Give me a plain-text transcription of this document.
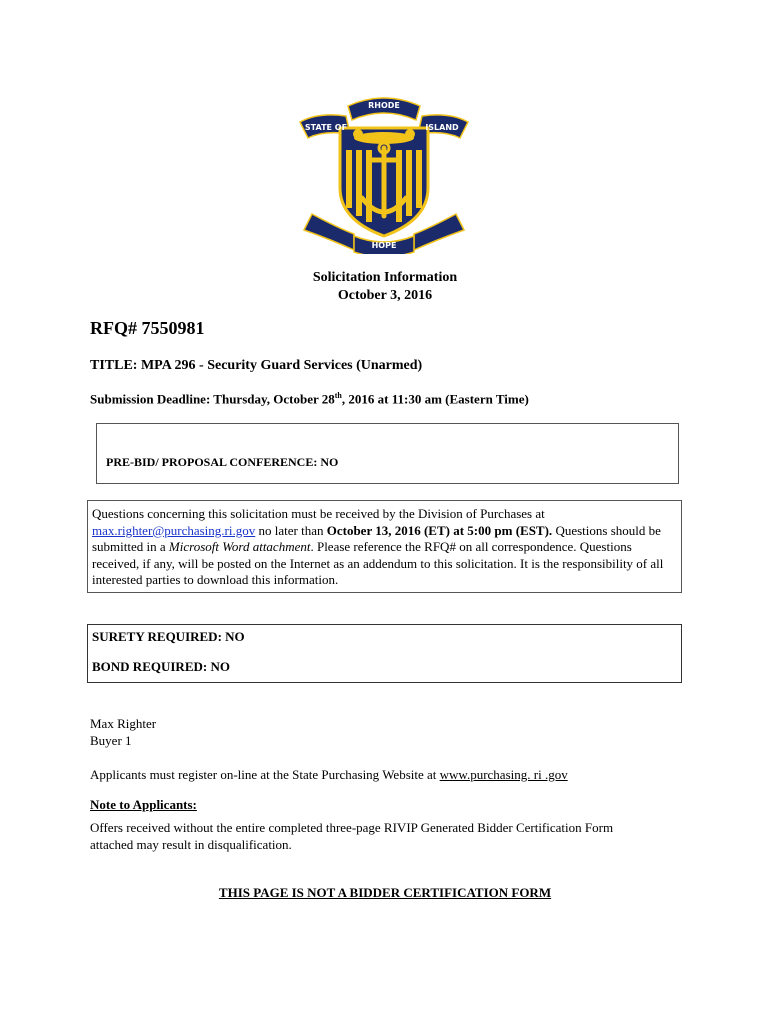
RHODE
STATE OF	ISLAND
HOPE
Solicitation Information
October 3, 2016
RFQ# 7550981
TITLE: MPA 296 - Security Guard Services (Unarmed)
Submission Deadline: Thursday, October 28th, 2016 at 11:30 am (Eastern Time)
PRE-BID/ PROPOSAL CONFERENCE: NO
Questions concerning this solicitation must be received by the Division of Purchases at
max.righter@purchasing.ri.gov no later than October 13, 2016 (ET) at 5:00 pm (EST). Questions should be submitted in a Microsoft Word attachment. Please reference the RFQ# on all correspondence. Questions received, if any, will be posted on the Internet as an addendum to this solicitation. It is the responsibility of all interested parties to download this information.
SURETY REQUIRED: NO
BOND REQUIRED: NO
Max Righter
Buyer 1
Applicants must register on-line at the State Purchasing Website at www.purchasing. ri .gov
Note to Applicants:
Offers received without the entire completed three-page RIVIP Generated Bidder Certification Form
attached may result in disqualification.
THIS PAGE IS NOT A BIDDER CERTIFICATION FORM
